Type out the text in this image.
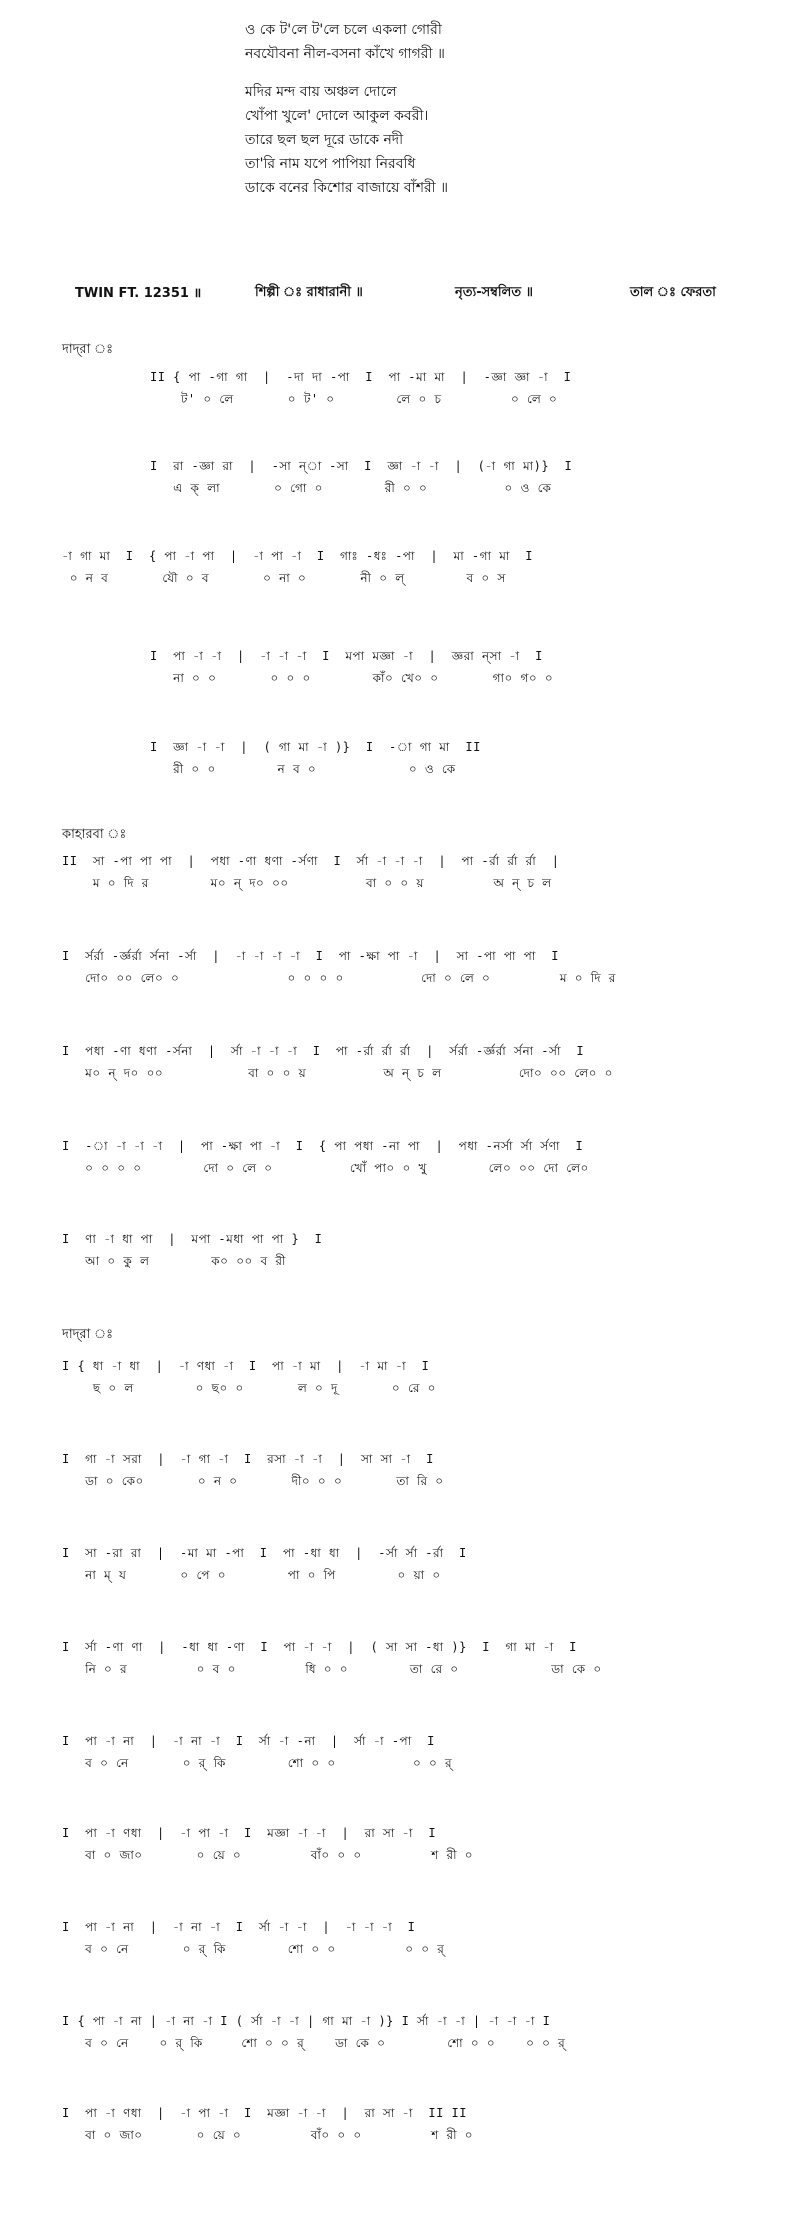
ও কে ট'লে ট'লে চলে একলা গোরী

নবযৌবনা নীল-বসনা কাঁখে গাগরী ॥

মদির মন্দ বায় অঞ্চল দোলে

খোঁপা খুলে' দোলে আকুল কবরী।

তারে ছল ছল দূরে ডাকে নদী

তা'রি নাম যপে পাপিয়া নিরবধি

ডাকে বনের কিশোর বাজায়ে বাঁশরী ॥

TWIN FT. 12351 ॥	শিল্পী ঃ রাধারানী ॥	নৃত্য-সম্বলিত ॥	তাল ঃ ফেরতা
দাদ্‌রা ঃ
কাহারবা ঃ
দাদ্‌রা ঃ
II { পা -গা গা  |  -দা দা -পা  I  পা -মা মা  |  -জ্ঞা জ্ঞা -া  I
ট' ০ লে       ০ ট' ০        লে ০ চ         ০ লে ০
I  রা -জ্ঞা রা  |  -সা ন্‌া -সা  I  জ্ঞা -া -া  |  (-া গা মা)}  I
এ ক্‌ লা       ০ গো ০        রী ০ ০          ০ ও কে
-া গা মা  I  { পা -া পা  |  -া পা -া  I  গাঃ -ধঃ -পা  |  মা -গা মা  I
০ ন ব       যৌ ০ ব       ০ না ০       নী ০ ল্‌        ব ০ স
I  পা -া -া  |  -া -া -া  I  মপা মজ্ঞা -া  |  জ্ঞরা ন্‌সা -া  I
না ০ ০       ০ ০ ০        কাঁ০ খে০ ০       গা০ গ০ ০
I  জ্ঞা -া -া  |  ( গা মা -া )}  I  -া গা মা  II
রী ০ ০        ন ব ০            ০ ও কে
II  সা -পা পা পা  |  পধা -ণা ধণা -র্সণা  I  র্সা -া -া -া  |  পা -র্রা র্রা র্রা  |
ম ০ দি র        ম০ ন্‌ দ০ ০০          বা ০ ০ য়         অ ন্‌ চ ল
I  র্সর্রা -র্জ্ঞর্রা র্সনা -র্সা  |  -া -া -া -া  I  পা -ক্ষা পা -া  |  সা -পা পা পা  I
দো০ ০০ লে০ ০              ০ ০ ০ ০          দো ০ লে ০         ম ০ দি র
I  পধা -ণা ধণা -র্সনা  |  র্সা -া -া -া  I  পা -র্রা র্রা র্রা  |  র্সর্রা -র্জ্ঞর্রা র্সনা -র্সা  I
ম০ ন্‌ দ০ ০০           বা ০ ০ য়          অ ন্‌ চ ল          দো০ ০০ লে০ ০
I  -া -া -া -া  |  পা -ক্ষা পা -া  I  { পা পধা -না পা  |  পধা -নর্সা র্সা র্সণা  I
০ ০ ০ ০        দো ০ লে ০          খোঁ পা০ ০ খু        লে০ ০০ দো লে০
I  ণা -া ধা পা  |  মপা -মধা পা পা }  I
আ ০ কু ল        ক০ ০০ ব রী
I { ধা -া ধা  |  -া ণধা -া  I  পা -া মা  |  -া মা -া  I
ছ ০ ল        ০ ছ০ ০       ল ০ দূ       ০ রে ০
I  গা -া সরা  |  -া গা -া  I  রসা -া -া  |  সা সা -া  I
ডা ০ কে০       ০ ন ০       দী০ ০ ০       তা রি ০
I  সা -রা রা  |  -মা মা -পা  I  পা -ধা ধা  |  -র্সা র্সা -র্রা  I
না ম্‌ য       ০ পে ০        পা ০ পি        ০ য়া ০
I  র্সা -ণা ণা  |  -ধা ধা -ণা  I  পা -া -া  |  ( সা সা -ধা )}  I  গা মা -া  I
নি ০ র         ০ ব ০         ধি ০ ০        তা রে ০            ডা কে ০
I  পা -া না  |  -া না -া  I  র্সা -া -না  |  র্সা -া -পা  I
ব ০ নে       ০ র্‌ কি        শো ০ ০          ০ ০ র্‌
I  পা -া ণধা  |  -া পা -া  I  মজ্ঞা -া -া  |  রা সা -া  I
বা ০ জা০       ০ য়ে ০         বাঁ০ ০ ০         শ রী ০
I  পা -া না  |  -া না -া  I  র্সা -া -া  |  -া -া -া  I
ব ০ নে       ০ র্‌ কি        শো ০ ০         ০ ০ র্‌
I { পা -া না | -া না -া I ( র্সা -া -া | গা মা -া )} I র্সা -া -া | -া -া -া I
ব ০ নে    ০ র্‌ কি     শো ০ ০ র্‌    ডা কে ০        শো ০ ০    ০ ০ র্‌
I  পা -া ণধা  |  -া পা -া  I  মজ্ঞা -া -া  |  রা সা -া  II II
বা ০ জা০       ০ য়ে ০         বাঁ০ ০ ০         শ রী ০
